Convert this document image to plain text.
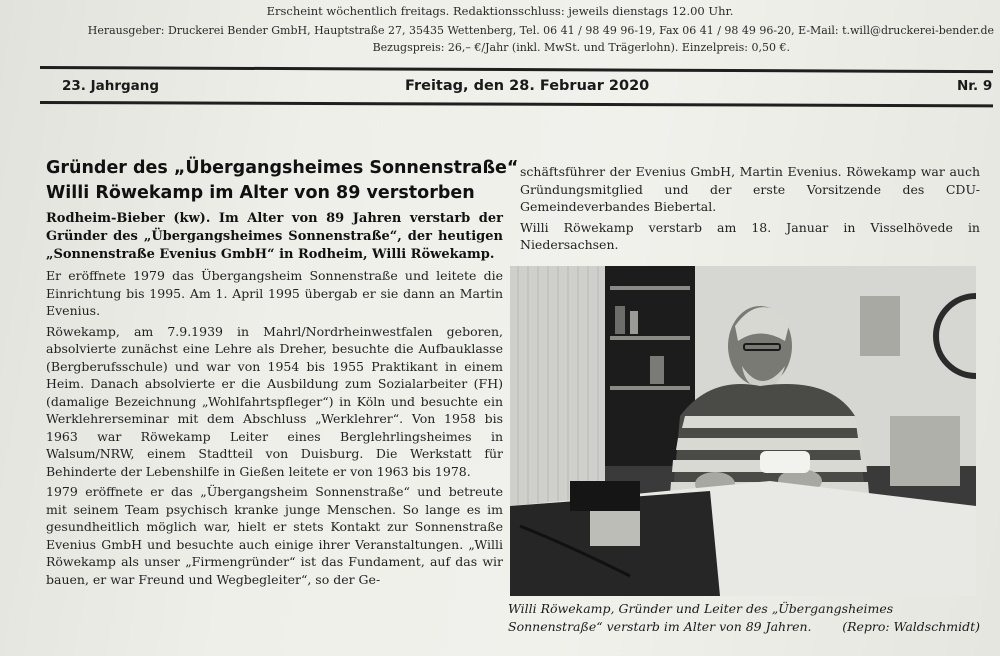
Erscheint wöchentlich freitags. Redaktionsschluss: jeweils dienstags 12.00 Uhr.
Herausgeber: Druckerei Bender GmbH, Hauptstraße 27, 35435 Wettenberg, Tel. 06 41 / 98 49 96-19, Fax 06 41 / 98 49 96-20, E-Mail: t.will@druckerei-bender.de
Bezugspreis: 26,– €/Jahr (inkl. MwSt. und Trägerlohn). Einzelpreis: 0,50 €.
23. Jahrgang	Freitag, den 28. Februar 2020	Nr. 9
Gründer des „Übergangsheimes Sonnenstraße“
Willi Röwekamp im Alter von 89 verstorben

Rodheim-Bieber (kw). Im Alter von 89 Jahren verstarb der Gründer des „Übergangsheimes Sonnenstraße“, der heutigen „Sonnenstraße Evenius GmbH“ in Rodheim, Willi Röwekamp.

Er eröffnete 1979 das Übergangsheim Sonnenstraße und leitete die Einrichtung bis 1995. Am 1. April 1995 übergab er sie dann an Martin Evenius.

Röwekamp, am 7.9.1939 in Mahrl/Nordrheinwestfalen geboren, absolvierte zunächst eine Lehre als Dreher, besuchte die Aufbauklasse (Bergberufsschule) und war von 1954 bis 1955 Praktikant in einem Heim. Danach absolvierte er die Ausbildung zum Sozialarbeiter (FH) (damalige Bezeichnung „Wohlfahrtspfleger“) in Köln und besuchte ein Werklehrerseminar mit dem Abschluss „Werklehrer“. Von 1958 bis 1963 war Röwekamp Leiter eines Berglehrlingsheimes in Walsum/NRW, einem Stadtteil von Duisburg. Die Werkstatt für Behinderte der Lebenshilfe in Gießen leitete er von 1963 bis 1978.

1979 eröffnete er das „Übergangsheim Sonnenstraße“ und betreute mit seinem Team psychisch kranke junge Menschen. So lange es im gesundheitlich möglich war, hielt er stets Kontakt zur Sonnenstraße Evenius GmbH und besuchte auch einige ihrer Veranstaltungen. „Willi Röwekamp als unser „Firmengründer“ ist das Fundament, auf das wir bauen, er war Freund und Wegbegleiter“, so der Ge-

schäftsführer der Evenius GmbH, Martin Evenius. Röwekamp war auch Gründungsmitglied und der erste Vorsitzende des CDU-Gemeindeverbandes Biebertal.

Willi Röwekamp verstarb am 18. Januar in Visselhövede in Niedersachsen.

Willi Röwekamp, Gründer und Leiter des „Übergangsheimes Sonnenstraße“ verstarb im Alter von 89 Jahren. (Repro: Waldschmidt)
